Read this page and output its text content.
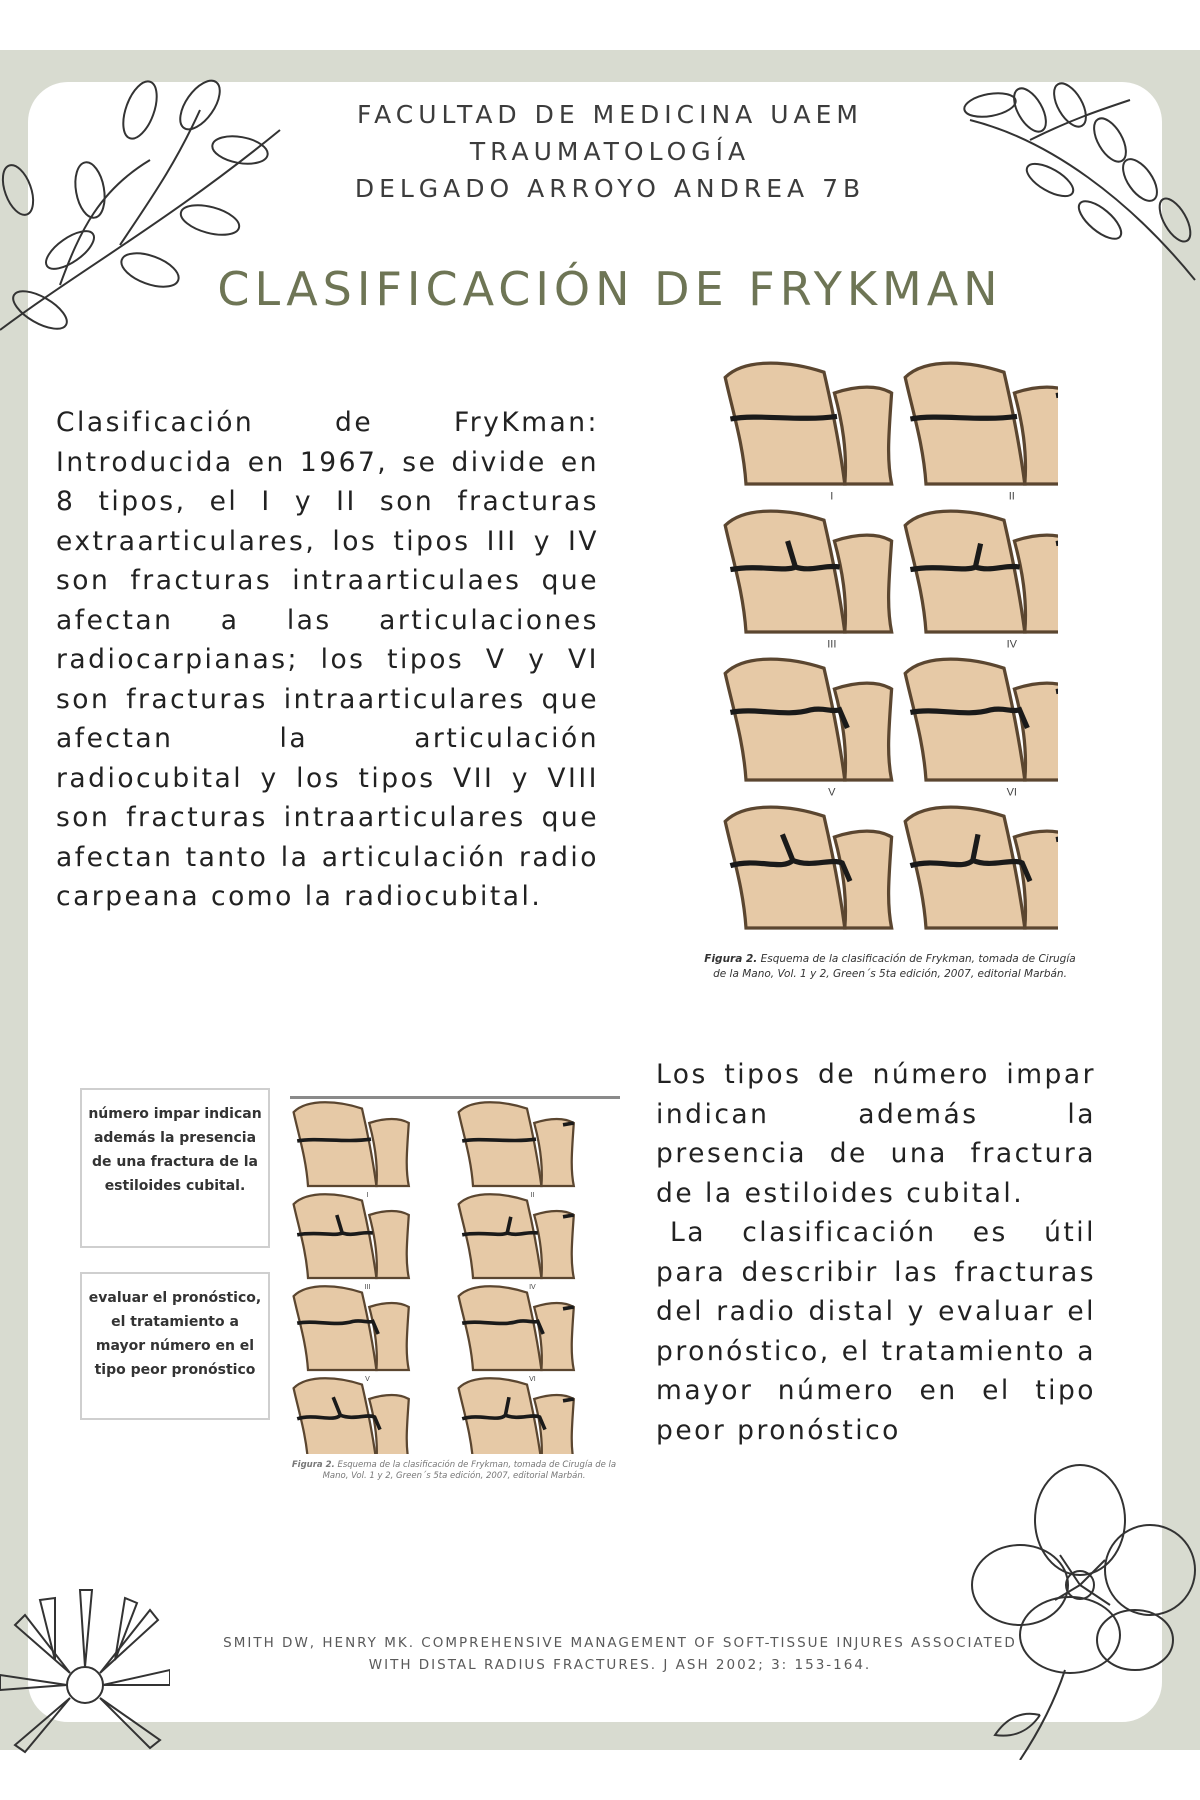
FACULTAD DE MEDICINA UAEM
TRAUMATOLOGÍA
DELGADO ARROYO ANDREA 7B
CLASIFICACIÓN DE FRYKMAN

Clasificación de FryKman: Introducida en 1967, se divide en 8 tipos, el I y II son fracturas extraarticulares, los tipos III y IV son fracturas intraarticulaes que afectan a las articulaciones radiocarpianas; los tipos V y VI son fracturas intraarticulares que afectan la articulación radiocubital y los tipos VII y VIII son fracturas intraarticulares que afectan tanto la articulación radio carpeana como la radiocubital.

I	II
III	IV
V	VI
Figura 2. Esquema de la clasificación de Frykman, tomada de Cirugía de la Mano, Vol. 1 y 2, Green´s 5ta edición, 2007, editorial Marbán.
número impar indican además la presencia de una fractura de la estiloides cubital.
evaluar el pronóstico, el tratamiento a mayor número en el tipo peor pronóstico
I	II
III	IV
V	VI
Figura 2. Esquema de la clasificación de Frykman, tomada de Cirugía de la Mano, Vol. 1 y 2, Green´s 5ta edición, 2007, editorial Marbán.

Los tipos de número impar indican además la presencia de una fractura de la estiloides cubital.

La clasificación es útil para describir las fracturas del radio distal y evaluar el pronóstico, el tratamiento a mayor número en el tipo peor pronóstico

SMITH DW, HENRY MK. COMPREHENSIVE MANAGEMENT OF SOFT-TISSUE INJURES ASSOCIATED WITH DISTAL RADIUS FRACTURES. J ASH 2002; 3: 153-164.
